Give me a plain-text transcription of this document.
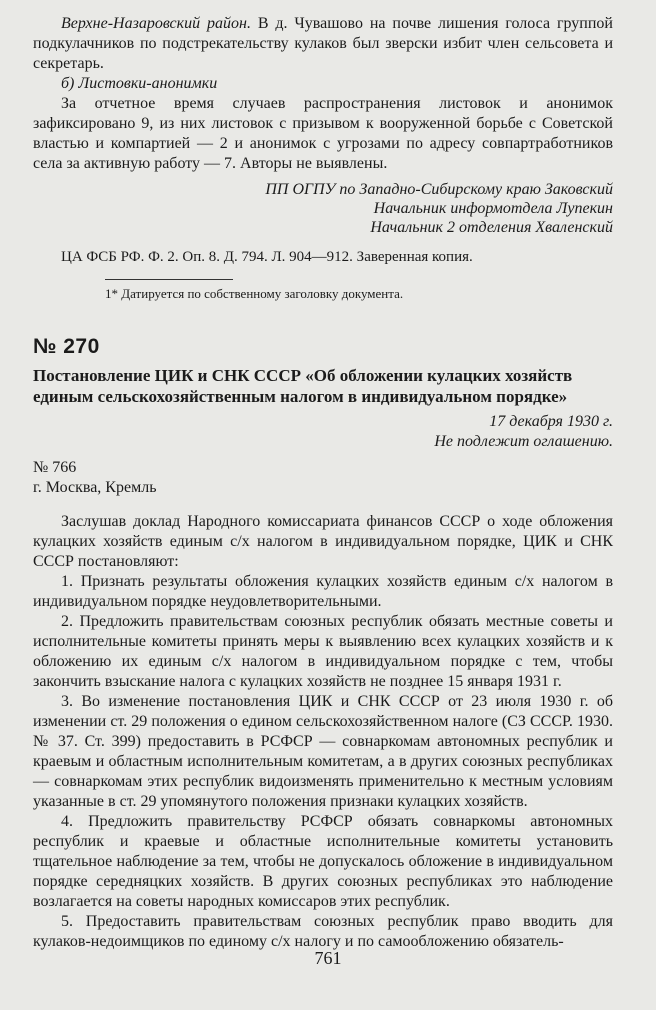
Верхне-Назаровский район. В д. Чувашово на почве лишения голоса группой подкулачников по подстрекательству кулаков был зверски избит член сельсовета и секретарь.

б) Листовки-анонимки

За отчетное время случаев распространения листовок и анонимок зафиксировано 9, из них листовок с призывом к вооруженной борьбе с Советской властью и компартией — 2 и анонимок с угрозами по адресу совпартработников села за активную работу — 7. Авторы не выявлены.

ПП ОГПУ по Западно-Сибирскому краю Заковский

Начальник информотдела Лупекин

Начальник 2 отделения Хваленский

ЦА ФСБ РФ. Ф. 2. Оп. 8. Д. 794. Л. 904—912. Заверенная копия.

1* Датируется по собственному заголовку документа.

№ 270

Постановление ЦИК и СНК СССР «Об обложении кулацких хозяйств единым сельскохозяйственным налогом в индивидуальном порядке»

17 декабря 1930 г.

Не подлежит оглашению.

№ 766

г. Москва, Кремль

Заслушав доклад Народного комиссариата финансов СССР о ходе обложения кулацких хозяйств единым с/х налогом в индивидуальном порядке, ЦИК и СНК СССР постановляют:

1. Признать результаты обложения кулацких хозяйств единым с/х налогом в индивидуальном порядке неудовлетворительными.

2. Предложить правительствам союзных республик обязать местные советы и исполнительные комитеты принять меры к выявлению всех кулацких хозяйств и к обложению их единым с/х налогом в индивидуальном порядке с тем, чтобы закончить взыскание налога с кулацких хозяйств не позднее 15 января 1931 г.

3. Во изменение постановления ЦИК и СНК СССР от 23 июля 1930 г. об изменении ст. 29 положения о едином сельскохозяйственном налоге (СЗ СССР. 1930. № 37. Ст. 399) предоставить в РСФСР — совнаркомам автономных республик и краевым и областным исполнительным комитетам, а в других союзных республиках — совнаркомам этих республик видоизменять применительно к местным условиям указанные в ст. 29 упомянутого положения признаки кулацких хозяйств.

4. Предложить правительству РСФСР обязать совнаркомы автономных республик и краевые и областные исполнительные комитеты установить тщательное наблюдение за тем, чтобы не допускалось обложение в индивидуальном порядке середняцких хозяйств. В других союзных республиках это наблюдение возлагается на советы народных комиссаров этих республик.

5. Предоставить правительствам союзных республик право вводить для кулаков-недоимщиков по единому с/х налогу и по самообложению обязатель-

761
